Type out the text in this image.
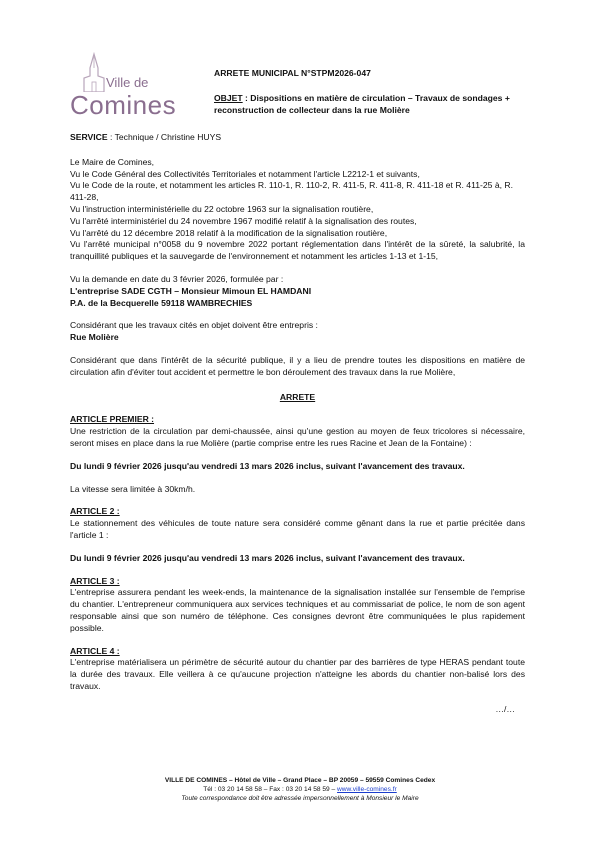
Ville de
Comines
ARRETE MUNICIPAL N°STPM2026-047
OBJET : Dispositions en matière de circulation – Travaux de sondages + reconstruction de collecteur dans la rue Molière

SERVICE : Technique / Christine HUYS

Le Maire de Comines,

Vu le Code Général des Collectivités Territoriales et notamment l'article L2212-1 et suivants,

Vu le Code de la route, et notamment les articles R. 110-1, R. 110-2, R. 411-5, R. 411-8, R. 411-18 et R. 411-25 à, R. 411-28,

Vu l'instruction interministérielle du 22 octobre 1963 sur la signalisation routière,

Vu l'arrêté interministériel du 24 novembre 1967 modifié relatif à la signalisation des routes,

Vu l'arrêté du 12 décembre 2018 relatif à la modification de la signalisation routière,

Vu l'arrêté municipal n°0058 du 9 novembre 2022 portant réglementation dans l'intérêt de la sûreté, la salubrité, la tranquillité publiques et la sauvegarde de l'environnement et notamment les articles 1-13 et 1-15,

Vu la demande en date du 3 février 2026, formulée par :

L'entreprise SADE CGTH – Monsieur Mimoun EL HAMDANI

P.A. de la Becquerelle 59118 WAMBRECHIES

Considérant que les travaux cités en objet doivent être entrepris :

Rue Molière

Considérant que dans l'intérêt de la sécurité publique, il y a lieu de prendre toutes les dispositions en matière de circulation afin d'éviter tout accident et permettre le bon déroulement des travaux dans la rue Molière,

ARRETE

ARTICLE PREMIER :

Une restriction de la circulation par demi-chaussée, ainsi qu'une gestion au moyen de feux tricolores si nécessaire, seront mises en place dans la rue Molière (partie comprise entre les rues Racine et Jean de la Fontaine) :

Du lundi 9 février 2026 jusqu'au vendredi 13 mars 2026 inclus, suivant l'avancement des travaux.

La vitesse sera limitée à 30km/h.

ARTICLE 2 :

Le stationnement des véhicules de toute nature sera considéré comme gênant dans la rue et partie précitée dans l'article 1 :

Du lundi 9 février 2026 jusqu'au vendredi 13 mars 2026 inclus, suivant l'avancement des travaux.

ARTICLE 3 :

L'entreprise assurera pendant les week-ends, la maintenance de la signalisation installée sur l'ensemble de l'emprise du chantier. L'entrepreneur communiquera aux services techniques et au commissariat de police, le nom de son agent responsable ainsi que son numéro de téléphone. Ces consignes devront être communiquées le plus rapidement possible.

ARTICLE 4 :

L'entreprise matérialisera un périmètre de sécurité autour du chantier par des barrières de type HERAS pendant toute la durée des travaux. Elle veillera à ce qu'aucune projection n'atteigne les abords du chantier non-balisé lors des travaux.

…/…

VILLE DE COMINES – Hôtel de Ville – Grand Place – BP 20059 – 59559 Comines Cedex
Tél : 03 20 14 58 58 – Fax : 03 20 14 58 59 – www.ville-comines.fr
Toute correspondance doit être adressée impersonnellement à Monsieur le Maire
